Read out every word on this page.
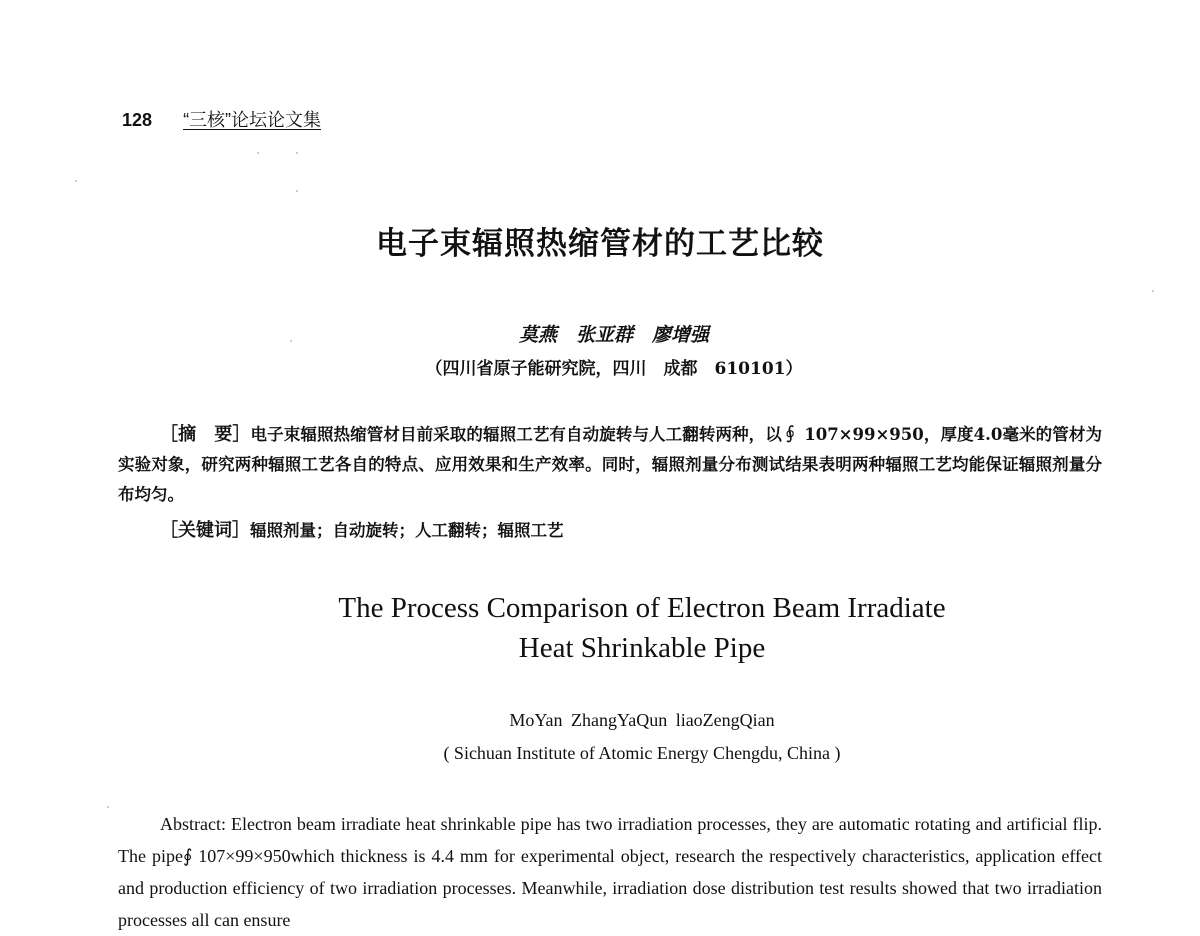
128 “三核”论坛论文集
电子束辐照热缩管材的工艺比较
莫燕　张亚群　廖增强
（四川省原子能研究院，四川　成都　610101）
［摘　要］电子束辐照热缩管材目前采取的辐照工艺有自动旋转与人工翻转两种，以∮ 107×99×950，厚度4.0毫米的管材为实验对象，研究两种辐照工艺各自的特点、应用效果和生产效率。同时，辐照剂量分布测试结果表明两种辐照工艺均能保证辐照剂量分布均匀。
［关键词］辐照剂量；自动旋转；人工翻转；辐照工艺
The Process Comparison of Electron Beam Irradiate
Heat Shrinkable Pipe
MoYan ZhangYaQun liaoZengQian
( Sichuan Institute of Atomic Energy Chengdu, China )
Abstract: Electron beam irradiate heat shrinkable pipe has two irradiation processes, they are automatic rotating and artificial flip. The pipe∮ 107×99×950which thickness is 4.4 mm for experimental object, research the respectively characteristics, application effect and production efficiency of two irradiation processes. Meanwhile, irradiation dose distribution test results showed that two irradiation processes all can ensure
